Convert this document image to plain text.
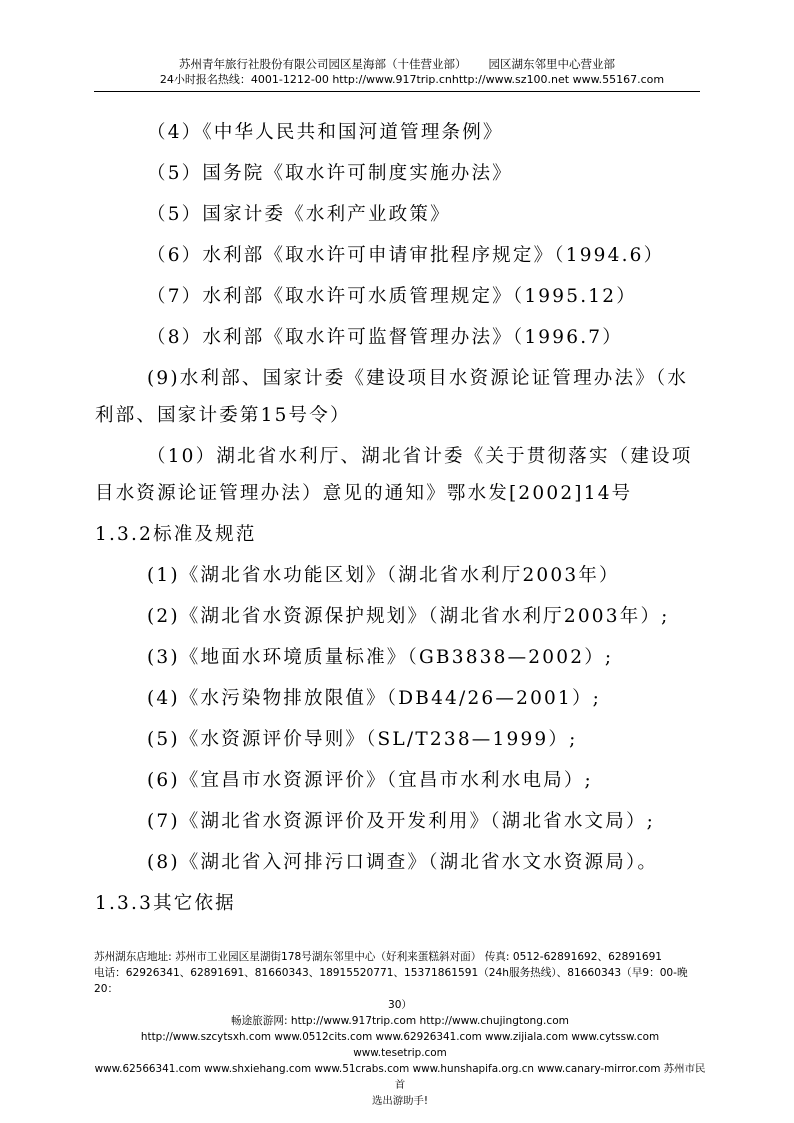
苏州青年旅行社股份有限公司园区星海部（十佳营业部）      园区湖东邻里中心营业部
24小时报名热线：4001-1212-00 http://www.917trip.cnhttp://www.sz100.net www.55167.com
（4）《中华人民共和国河道管理条例》
（5）国务院《取水许可制度实施办法》
（5）国家计委《水利产业政策》
（6）水利部《取水许可申请审批程序规定》（1994.6）
（7）水利部《取水许可水质管理规定》（1995.12）
（8）水利部《取水许可监督管理办法》（1996.7）
(9)水利部、国家计委《建设项目水资源论证管理办法》（水
利部、国家计委第15号令）
（10）湖北省水利厅、湖北省计委《关于贯彻落实（建设项
目水资源论证管理办法）意见的通知》鄂水发[2002]14号
1.3.2标准及规范
(1)《湖北省水功能区划》（湖北省水利厅2003年）
(2)《湖北省水资源保护规划》（湖北省水利厅2003年）;
(3)《地面水环境质量标准》（GB3838—2002）;
(4)《水污染物排放限值》（DB44/26—2001）;
(5)《水资源评价导则》（SL/T238—1999）;
(6)《宜昌市水资源评价》（宜昌市水利水电局）;
(7)《湖北省水资源评价及开发利用》（湖北省水文局）;
(8)《湖北省入河排污口调查》（湖北省水文水资源局）。
1.3.3其它依据
苏州湖东店地址: 苏州市工业园区星湖街178号湖东邻里中心（好利来蛋糕斜对面） 传真: 0512-62891692、62891691
电话：62926341、62891691、81660343、18915520771、15371861591（24h服务热线）、81660343（早9：00-晚20：
30）
畅途旅游网: http://www.917trip.com http://www.chujingtong.com
http://www.szcytsxh.com www.0512cits.com www.62926341.com www.zijiala.com www.cytssw.com www.tesetrip.com
www.62566341.com www.shxiehang.com www.51crabs.com www.hunshapifa.org.cn www.canary-mirror.com 苏州市民首
选出游助手!
